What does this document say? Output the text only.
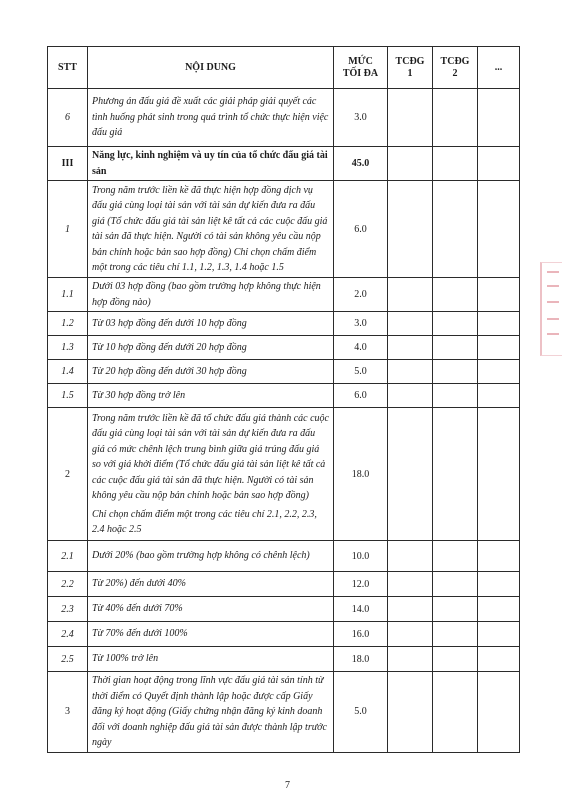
STT	NỘI DUNG	MỨC TỐI ĐA	TCĐG 1	TCĐG 2	...
6	Phương án đấu giá đề xuất các giải pháp giải quyết các tình huống phát sinh trong quá trình tổ chức thực hiện việc đấu giá	3.0			
III	Năng lực, kinh nghiệm và uy tín của tổ chức đấu giá tài sản	45.0			
1	Trong năm trước liền kề đã thực hiện hợp đồng dịch vụ đấu giá cùng loại tài sản với tài sản dự kiến đưa ra đấu giá (Tổ chức đấu giá tài sản liệt kê tất cả các cuộc đấu giá tài sản đã thực hiện. Người có tài sản không yêu cầu nộp bản chính hoặc bản sao hợp đồng) Chỉ chọn chấm điểm một trong các tiêu chí 1.1, 1.2, 1.3, 1.4 hoặc 1.5	6.0			
1.1	Dưới 03 hợp đồng (bao gồm trường hợp không thực hiện hợp đồng nào)	2.0			
1.2	Từ 03 hợp đồng đến dưới 10 hợp đồng	3.0			
1.3	Từ 10 hợp đồng đến dưới 20 hợp đồng	4.0			
1.4	Từ 20 hợp đồng đến dưới 30 hợp đồng	5.0			
1.5	Từ 30 hợp đồng trở lên	6.0			
2	Trong năm trước liền kề đã tổ chức đấu giá thành các cuộc đấu giá cùng loại tài sản với tài sản dự kiến đưa ra đấu giá có mức chênh lệch trung bình giữa giá trúng đấu giá so với giá khởi điểm (Tổ chức đấu giá tài sản liệt kê tất cả các cuộc đấu giá tài sản đã thực hiện. Người có tài sản không yêu cầu nộp bản chính hoặc bản sao hợp đồng)
Chỉ chọn chấm điểm một trong các tiêu chí 2.1, 2.2, 2.3, 2.4 hoặc 2.5	18.0			
2.1	Dưới 20% (bao gồm trường hợp không có chênh lệch)	10.0			
2.2	Từ 20%) đến dưới 40%	12.0			
2.3	Từ 40% đến dưới 70%	14.0			
2.4	Từ 70% đến dưới 100%	16.0			
2.5	Từ 100% trở lên	18.0			
3	Thời gian hoạt động trong lĩnh vực đấu giá tài sản tính từ thời điểm có Quyết định thành lập hoặc được cấp Giấy đăng ký hoạt động (Giấy chứng nhận đăng ký kinh doanh đối với doanh nghiệp đấu giá tài sản được thành lập trước ngày	5.0			
7
